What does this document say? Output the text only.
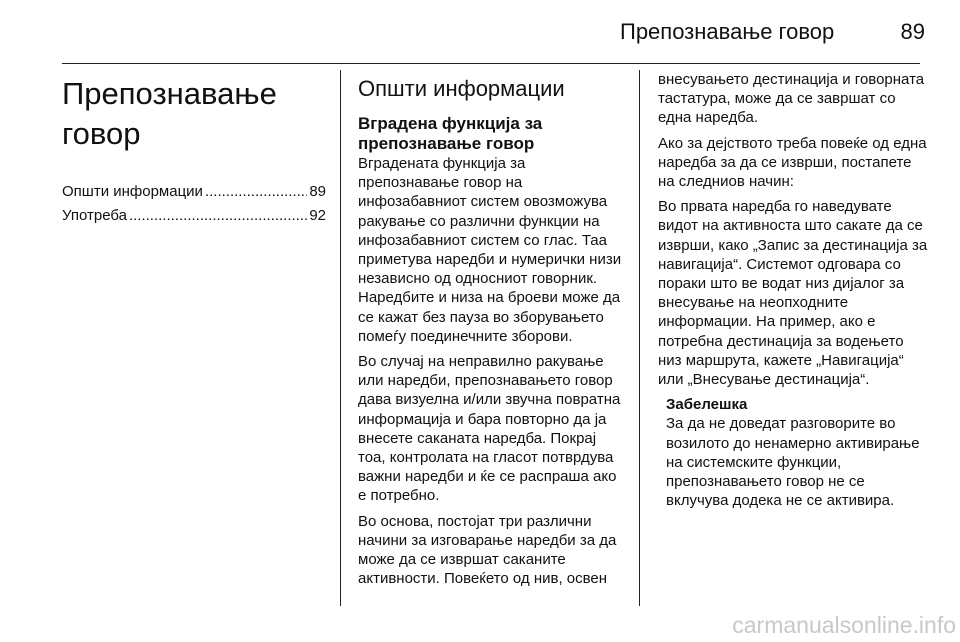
Препознавање говор	89
Препознавање говор
Општи информации .....	89
Употреба .....	92
Општи информации
Вградена функција за препознавање говор

Вградената функција за препознавање говор на инфозабавниот систем овозможува ракување со различни функции на инфозабавниот систем со глас. Таа приметува наредби и нумерички низи независно од односниот говорник. Наредбите и низа на броеви може да се кажат без пауза во зборувањето помеѓу поединечните зборови.

Во случај на неправилно ракување или наредби, препознавањето говор дава визуелна и/или звучна повратна информација и бара повторно да ја внесете саканата наредба. Покрај тоа, контролата на гласот потврдува важни наредби и ќе се распраша ако е потребно.

Во основа, постојат три различни начини за изговарање наредби за да може да се извршат саканите активности. Повеќето од нив, освен

внесувањето дестинација и говорната тастатура, може да се завршат со една наредба.

Ако за дејството треба повеќе од една наредба за да се изврши, постапете на следниов начин:

Во првата наредба го наведувате видот на активноста што сакате да се изврши, како „Запис за дестинација за навигација“. Системот одговара со пораки што ве водат низ дијалог за внесување на неопходните информации. На пример, ако е потребна дестинација за водењето низ маршрута, кажете „Навигација“ или „Внесување дестинација“.

Забелешка

За да не доведат разговорите во возилото до ненамерно активирање на системските функции, препознавањето говор не се вклучува додека не се активира.

carmanualsonline.info
